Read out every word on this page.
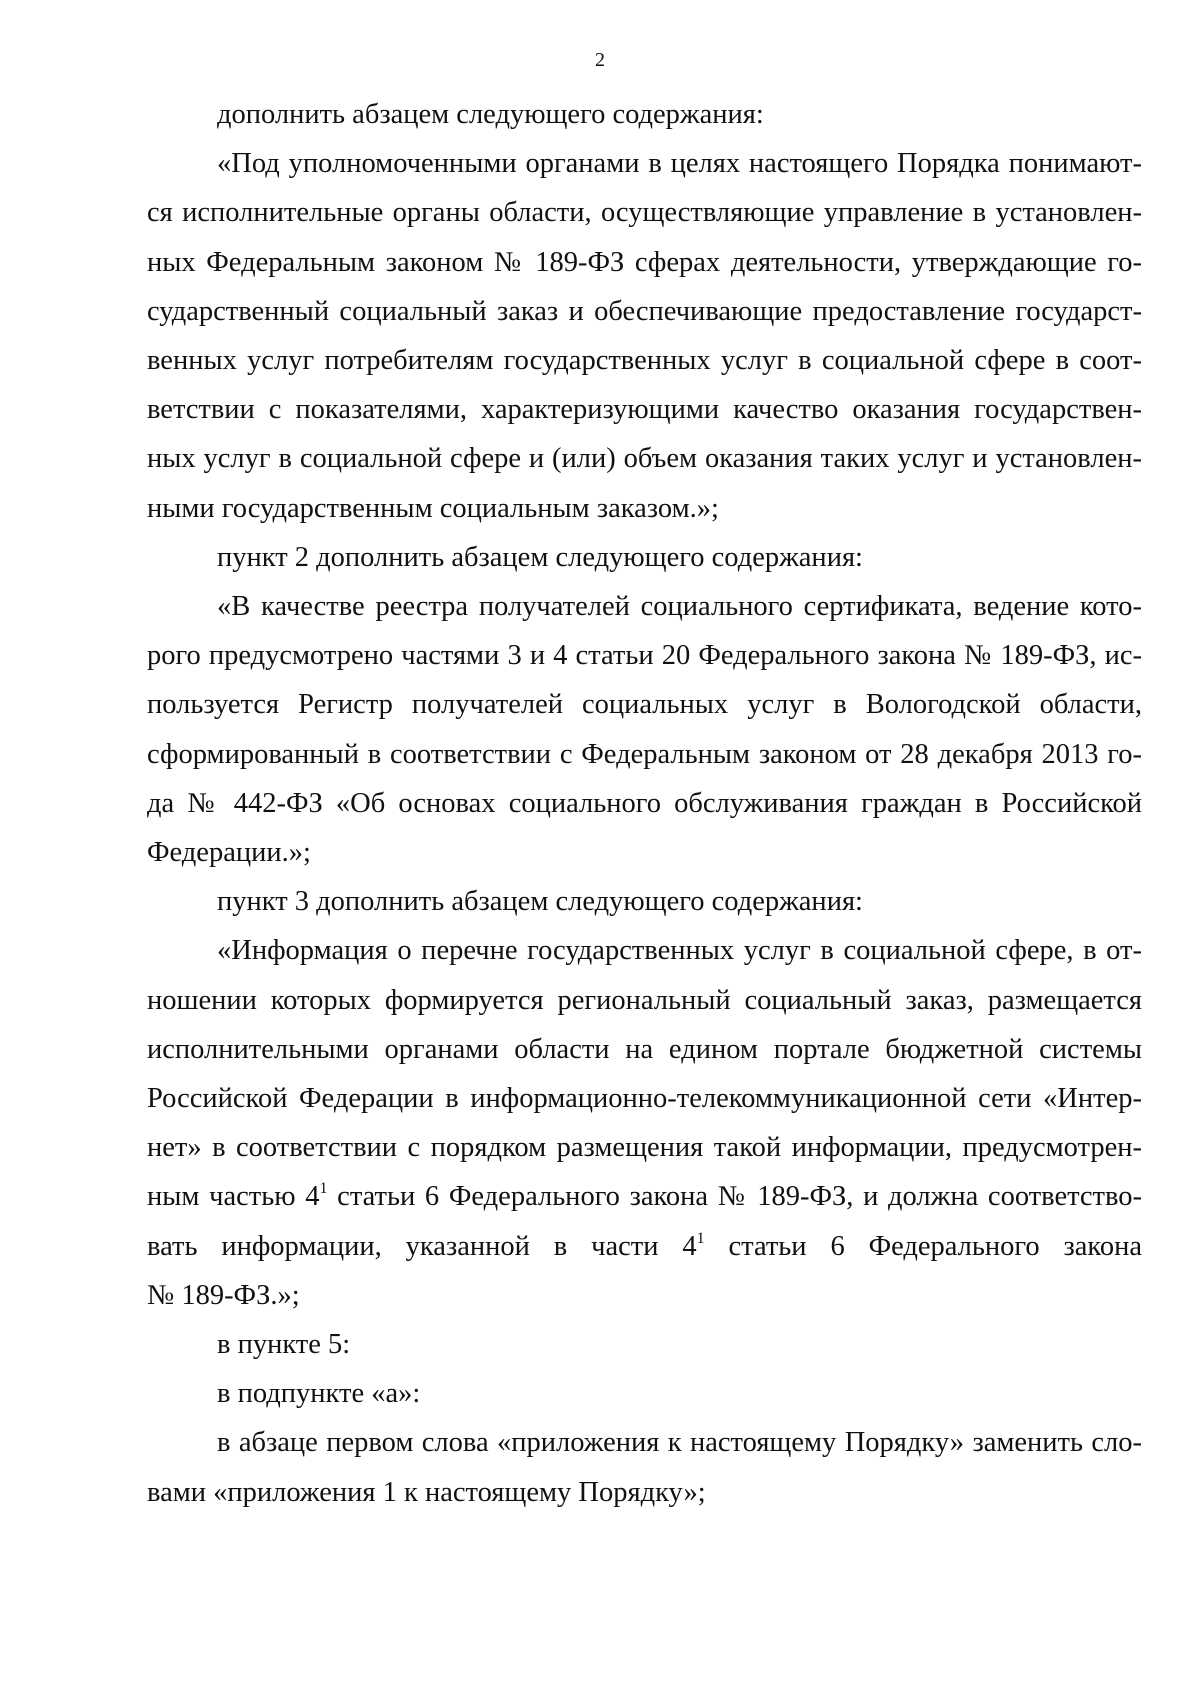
2
дополнить абзацем следующего содержания:
«Под уполномоченными органами в целях настоящего Порядка понимают-
ся исполнительные органы области, осуществляющие управление в установлен-
ных Федеральным законом № 189-ФЗ сферах деятельности, утверждающие го-
сударственный социальный заказ и обеспечивающие предоставление государст-
венных услуг потребителям государственных услуг в социальной сфере в соот-
ветствии с показателями, характеризующими качество оказания государствен-
ных услуг в социальной сфере и (или) объем оказания таких услуг и установлен-
ными государственным социальным заказом.»;
пункт 2 дополнить абзацем следующего содержания:
«В качестве реестра получателей социального сертификата, ведение кото-
рого предусмотрено частями 3 и 4 статьи 20 Федерального закона № 189-ФЗ, ис-
пользуется Регистр получателей социальных услуг в Вологодской области,
сформированный в соответствии с Федеральным законом от 28 декабря 2013 го-
да № 442-ФЗ «Об основах социального обслуживания граждан в Российской
Федерации.»;
пункт 3 дополнить абзацем следующего содержания:
«Информация о перечне государственных услуг в социальной сфере, в от-
ношении которых формируется региональный социальный заказ, размещается
исполнительными органами области на едином портале бюджетной системы
Российской Федерации в информационно-телекоммуникационной сети «Интер-
нет» в соответствии с порядком размещения такой информации, предусмотрен-
ным частью $4^1$ статьи 6 Федерального закона № 189-ФЗ, и должна соответство-
вать информации, указанной в части $4^1$ статьи 6 Федерального закона
№ 189-ФЗ.»;
в пункте 5:
в подпункте «а»:
в абзаце первом слова «приложения к настоящему Порядку» заменить сло-
вами «приложения 1 к настоящему Порядку»;
